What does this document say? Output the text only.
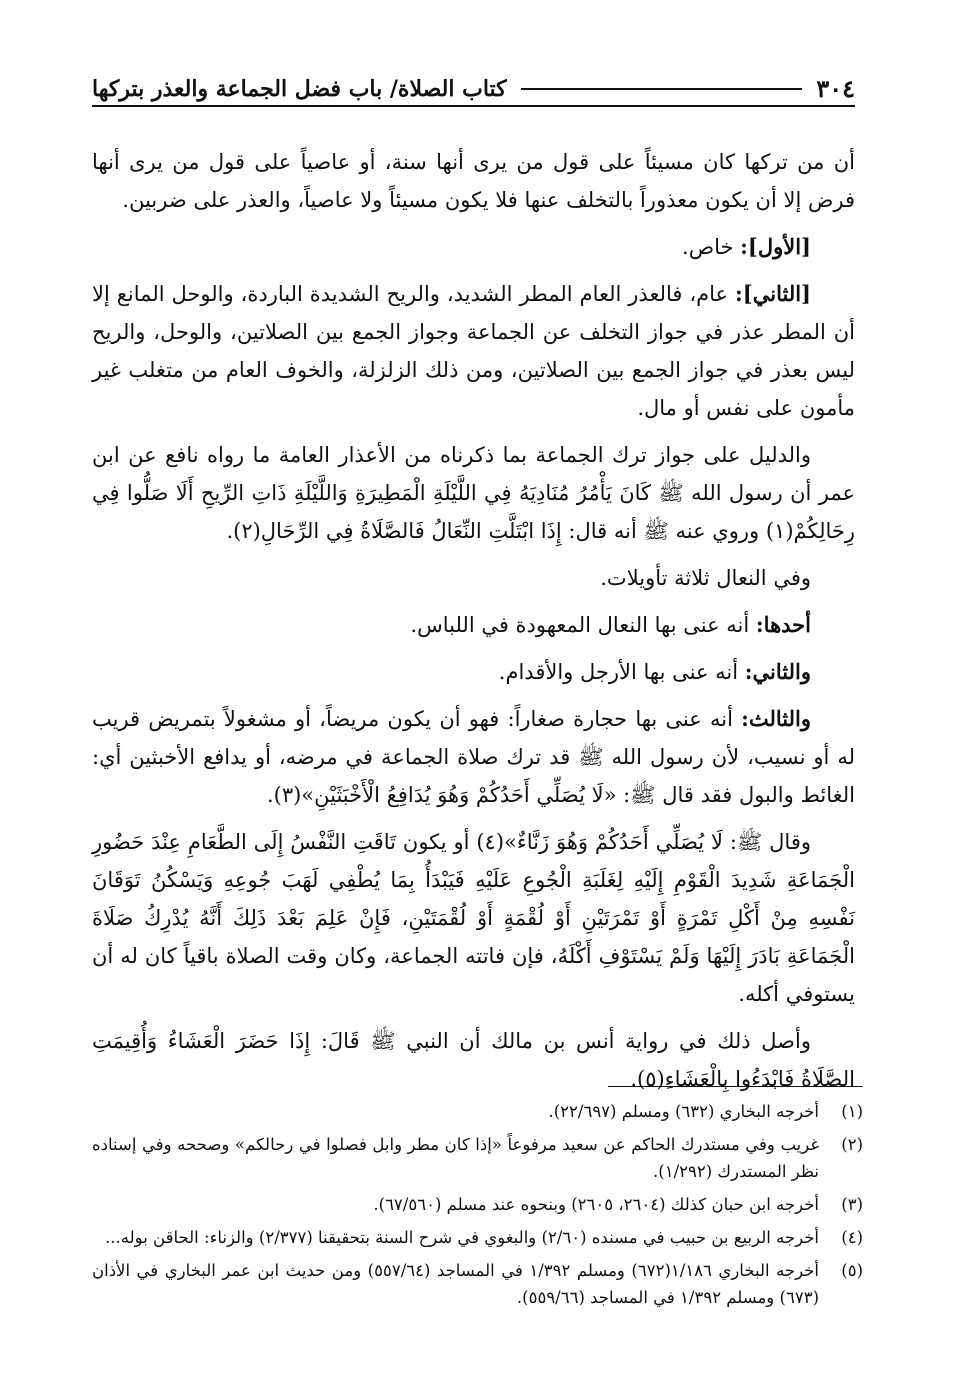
٣٠٤
كتاب الصلاة/ باب فضل الجماعة والعذر بتركها

أن من تركها كان مسيئاً على قول من يرى أنها سنة، أو عاصياً على قول من يرى أنها فرض إلا أن يكون معذوراً بالتخلف عنها فلا يكون مسيئاً ولا عاصياً، والعذر على ضربين.

[الأول]: خاص.

[الثاني]: عام، فالعذر العام المطر الشديد، والريح الشديدة الباردة، والوحل المانع إلا أن المطر عذر في جواز التخلف عن الجماعة وجواز الجمع بين الصلاتين، والوحل، والريح ليس بعذر في جواز الجمع بين الصلاتين، ومن ذلك الزلزلة، والخوف العام من متغلب غير مأمون على نفس أو مال.

والدليل على جواز ترك الجماعة بما ذكرناه من الأعذار العامة ما رواه نافع عن ابن عمر أن رسول الله ﷺ كَانَ يَأْمُرُ مُنَادِيَهُ فِي اللَّيْلَةِ الْمَطِيرَةِ وَاللَّيْلَةِ ذَاتِ الرِّيحِ أَلَا صَلُّوا فِي رِحَالِكُمْ(١) وروي عنه ﷺ أنه قال: إِذَا ابْتَلَّتِ النِّعَالُ فَالصَّلَاةُ فِي الرِّحَالِ(٢).

وفي النعال ثلاثة تأويلات.

أحدها: أنه عنى بها النعال المعهودة في اللباس.

والثاني: أنه عنى بها الأرجل والأقدام.

والثالث: أنه عنى بها حجارة صغاراً: فهو أن يكون مريضاً، أو مشغولاً بتمريض قريب له أو نسيب، لأن رسول الله ﷺ قد ترك صلاة الجماعة في مرضه، أو يدافع الأخبثين أي: الغائط والبول فقد قال ﷺ: «لَا يُصَلِّي أَحَدُكُمْ وَهُوَ يُدَافِعُ الْأَخْبَثَيْنِ»(٣).

وقال ﷺ: لَا يُصَلِّي أَحَدُكُمْ وَهُوَ زَنَّاءٌ»(٤) أو يكون تَاقَتِ النَّفْسُ إِلَى الطَّعَامِ عِنْدَ حَضُورِ الْجَمَاعَةِ شَدِيدَ الْقَوْمِ إِلَيْهِ لِغَلَبَةِ الْجُوعِ عَلَيْهِ فَيَبْدَأُ بِمَا يُطْفِي لَهَبَ جُوعِهِ وَيَسْكُنُ تَوَقَانَ نَفْسِهِ مِنْ أَكْلِ تَمْرَةٍ أَوْ تَمْرَتَيْنِ أَوْ لُقْمَةٍ أَوْ لُقْمَتَيْنِ، فَإِنْ عَلِمَ بَعْدَ ذَلِكَ أَنَّهُ يُدْرِكُ صَلَاةَ الْجَمَاعَةِ بَادَرَ إِلَيْهَا وَلَمْ يَسْتَوْفِ أَكْلَهُ، فإن فاتته الجماعة، وكان وقت الصلاة باقياً كان له أن يستوفي أكله.

وأصل ذلك في رواية أنس بن مالك أن النبي ﷺ قَالَ: إِذَا حَضَرَ الْعَشَاءُ وَأُقِيمَتِ الصَّلَاةُ فَابْدَءُوا بِالْعَشَاءِ(٥).

(١)
أخرجه البخاري (٦٣٢) ومسلم (٢٢/٦٩٧).
(٢)
غريب وفي مستدرك الحاكم عن سعيد مرفوعاً «إذا كان مطر وابل فصلوا في رحالكم» وصححه وفي إسناده نظر المستدرك (١/٢٩٢).
(٣)
أخرجه ابن حبان كذلك (٢٦٠٤، ٢٦٠٥) وبنحوه عند مسلم (٦٧/٥٦٠).
(٤)
أخرجه الربيع بن حبيب في مسنده (٢/٦٠) والبغوي في شرح السنة بتحقيقنا (٢/٣٧٧) والزناء: الحاقن بوله...
(٥)
أخرجه البخاري ١/١٨٦(٦٧٢) ومسلم ١/٣٩٢ في المساجد (٥٥٧/٦٤) ومن حديث ابن عمر البخاري في الأذان (٦٧٣) ومسلم ١/٣٩٢ في المساجد (٥٥٩/٦٦).
